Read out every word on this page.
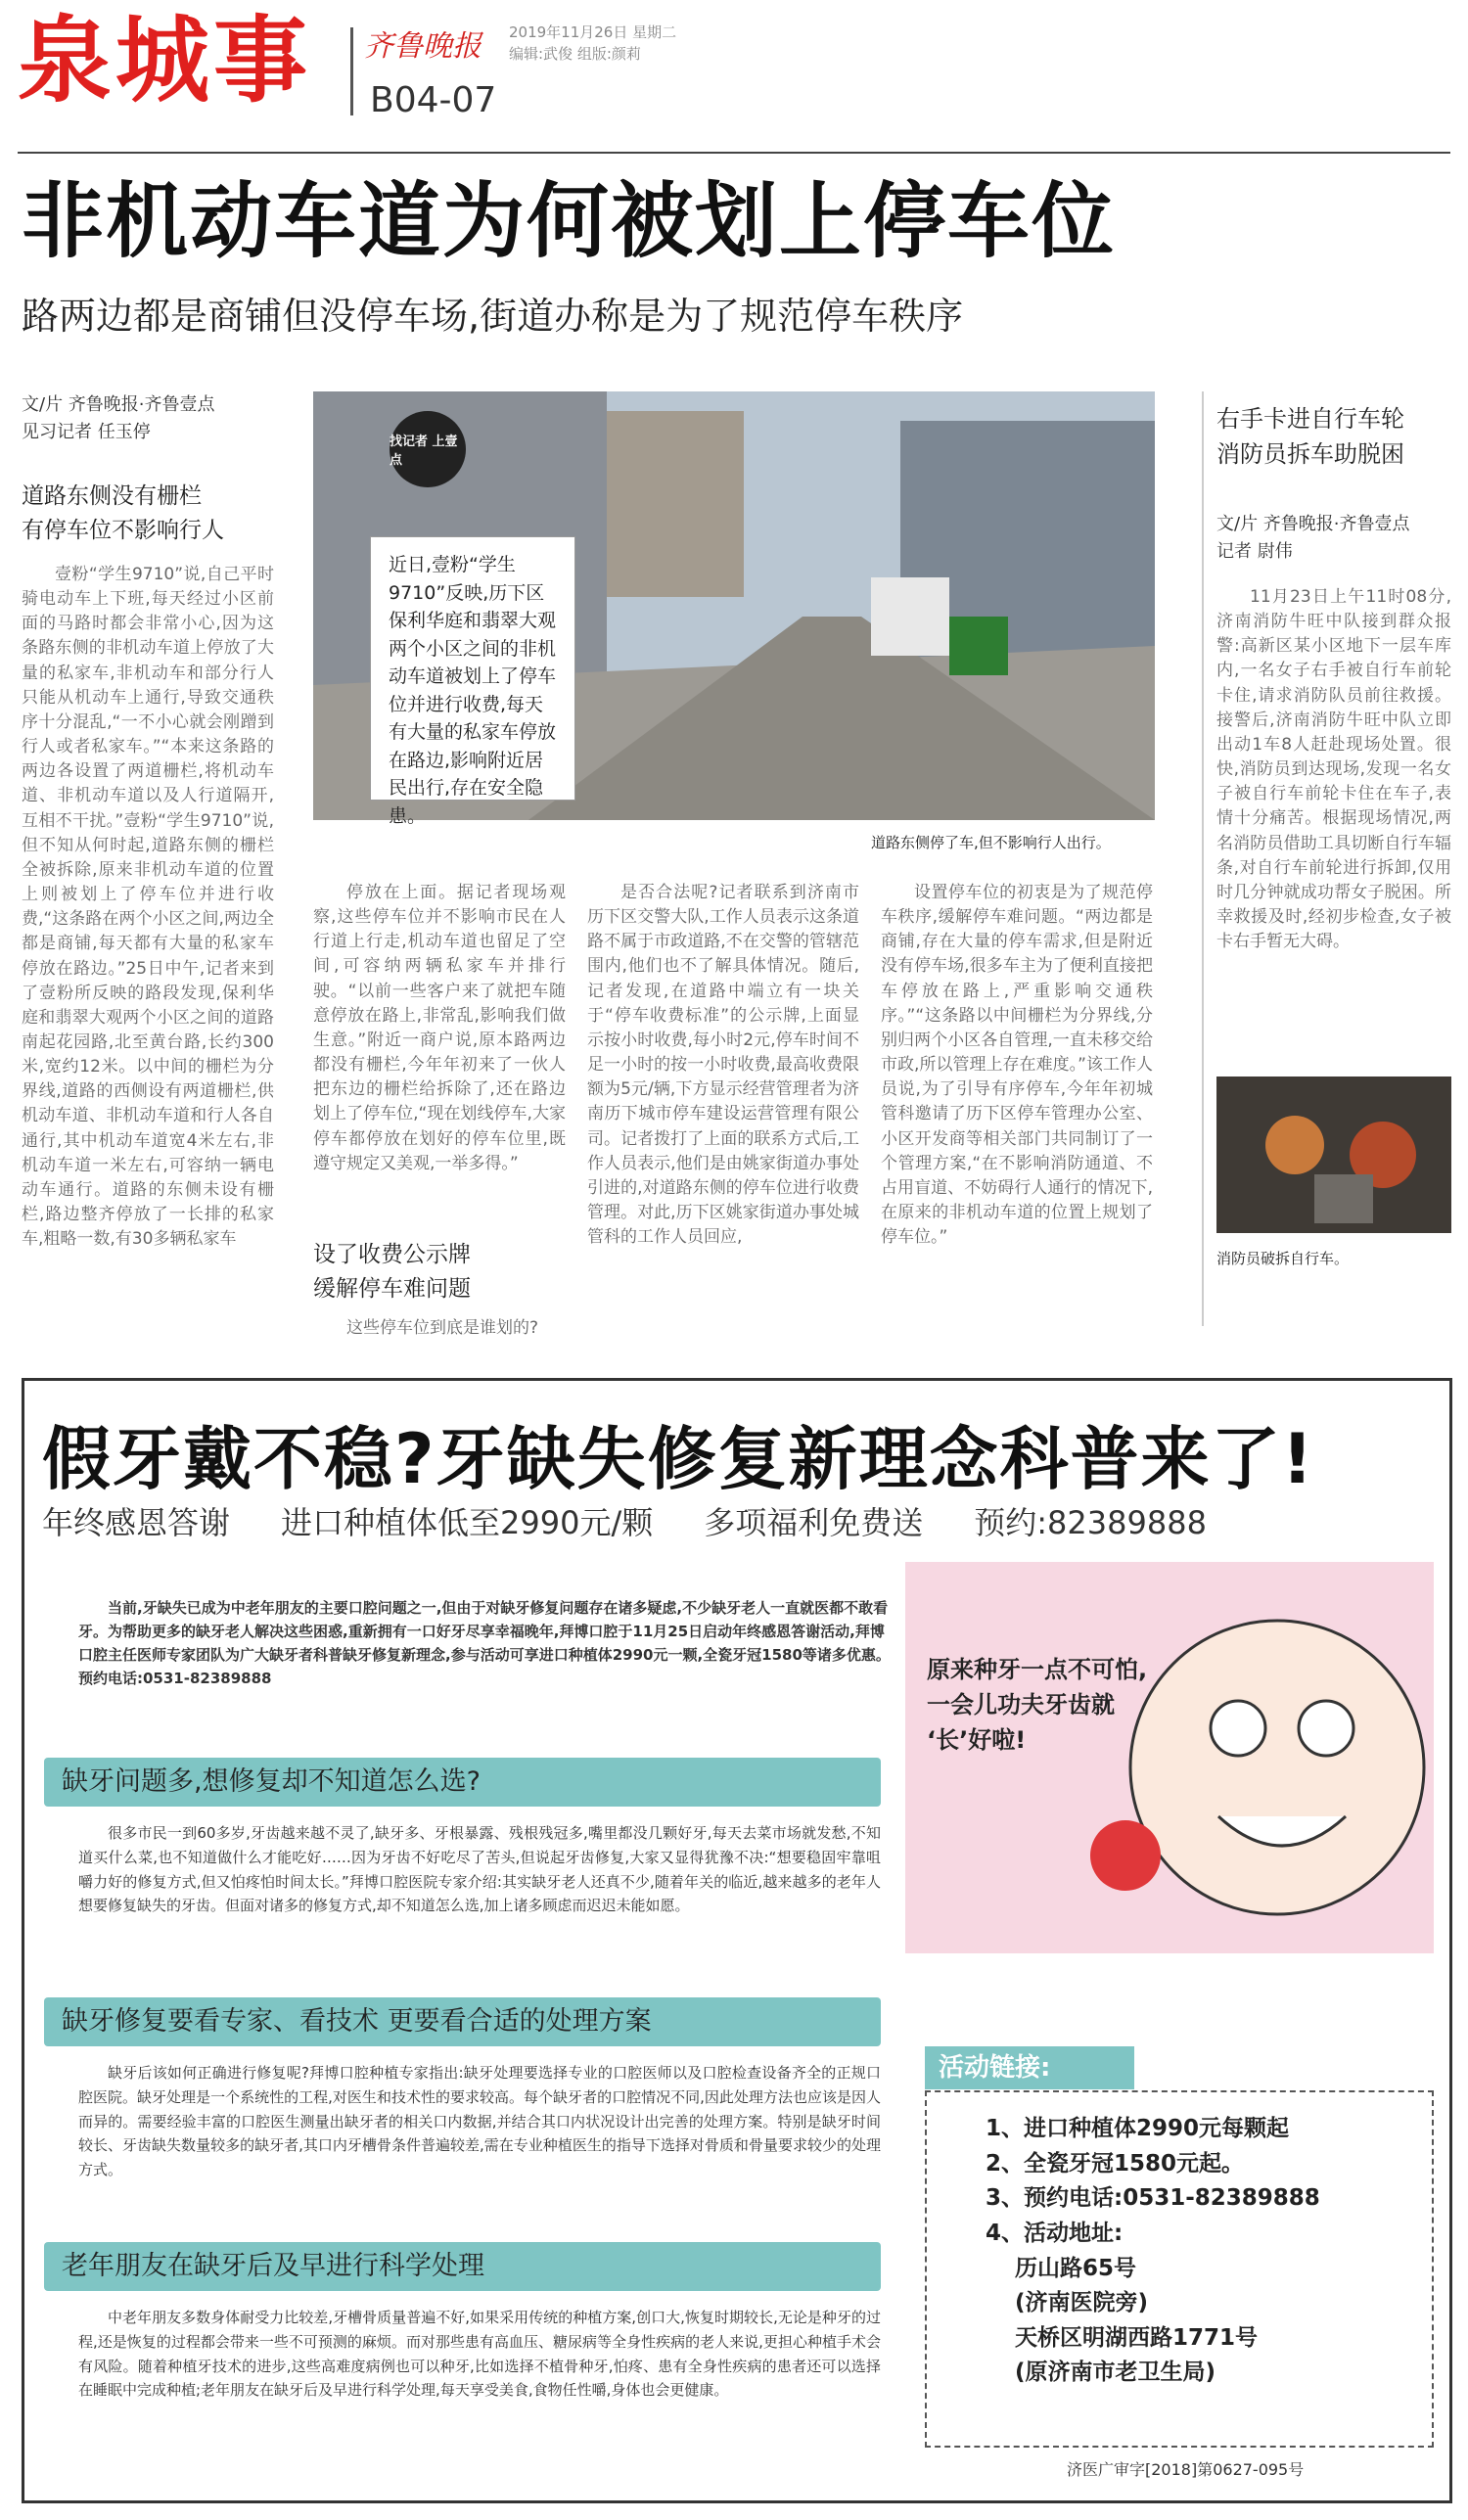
泉城事 齐鲁晚报 2019年11月26日 星期二
编辑:武俊 组版:颜莉
B04-07
非机动车道为何被划上停车位
路两边都是商铺但没停车场,街道办称是为了规范停车秩序
文/片 齐鲁晚报·齐鲁壹点
见习记者 任玉停
道路东侧没有栅栏
有停车位不影响行人
壹粉“学生9710”说,自己平时骑电动车上下班,每天经过小区前面的马路时都会非常小心,因为这条路东侧的非机动车道上停放了大量的私家车,非机动车和部分行人只能从机动车上通行,导致交通秩序十分混乱,“一不小心就会刚蹭到行人或者私家车。”“本来这条路的两边各设置了两道栅栏,将机动车道、非机动车道以及人行道隔开,互相不干扰。”壹粉“学生9710”说,但不知从何时起,道路东侧的栅栏全被拆除,原来非机动车道的位置上则被划上了停车位并进行收费,“这条路在两个小区之间,两边全都是商铺,每天都有大量的私家车停放在路边。”25日中午,记者来到了壹粉所反映的路段发现,保利华庭和翡翠大观两个小区之间的道路南起花园路,北至黄台路,长约300米,宽约12米。以中间的栅栏为分界线,道路的西侧设有两道栅栏,供机动车道、非机动车道和行人各自通行,其中机动车道宽4米左右,非机动车道一米左右,可容纳一辆电动车通行。道路的东侧未设有栅栏,路边整齐停放了一长排的私家车,粗略一数,有30多辆私家车
近日,壹粉“学生9710”反映,历下区保利华庭和翡翠大观两个小区之间的非机动车道被划上了停车位并进行收费,每天有大量的私家车停放在路边,影响附近居民出行,存在安全隐患。
找记者 上壹点
道路东侧停了车,但不影响行人出行。
停放在上面。据记者现场观察,这些停车位并不影响市民在人行道上行走,机动车道也留足了空间,可容纳两辆私家车并排行驶。“以前一些客户来了就把车随意停放在路上,非常乱,影响我们做生意。”附近一商户说,原本路两边都没有栅栏,今年年初来了一伙人把东边的栅栏给拆除了,还在路边划上了停车位,“现在划线停车,大家停车都停放在划好的停车位里,既遵守规定又美观,一举多得。”
设了收费公示牌
缓解停车难问题
这些停车位到底是谁划的?
是否合法呢?记者联系到济南市历下区交警大队,工作人员表示这条道路不属于市政道路,不在交警的管辖范围内,他们也不了解具体情况。随后,记者发现,在道路中端立有一块关于“停车收费标准”的公示牌,上面显示按小时收费,每小时2元,停车时间不足一小时的按一小时收费,最高收费限额为5元/辆,下方显示经营管理者为济南历下城市停车建设运营管理有限公司。记者拨打了上面的联系方式后,工作人员表示,他们是由姚家街道办事处引进的,对道路东侧的停车位进行收费管理。对此,历下区姚家街道办事处城管科的工作人员回应,
设置停车位的初衷是为了规范停车秩序,缓解停车难问题。“两边都是商铺,存在大量的停车需求,但是附近没有停车场,很多车主为了便利直接把车停放在路上,严重影响交通秩序。”“这条路以中间栅栏为分界线,分别归两个小区各自管理,一直未移交给市政,所以管理上存在难度。”该工作人员说,为了引导有序停车,今年年初城管科邀请了历下区停车管理办公室、小区开发商等相关部门共同制订了一个管理方案,“在不影响消防通道、不占用盲道、不妨碍行人通行的情况下,在原来的非机动车道的位置上规划了停车位。”
右手卡进自行车轮
消防员拆车助脱困
文/片 齐鲁晚报·齐鲁壹点
记者 尉伟
11月23日上午11时08分,济南消防牛旺中队接到群众报警:高新区某小区地下一层车库内,一名女子右手被自行车前轮卡住,请求消防队员前往救援。接警后,济南消防牛旺中队立即出动1车8人赶赴现场处置。很快,消防员到达现场,发现一名女子被自行车前轮卡住在车子,表情十分痛苦。根据现场情况,两名消防员借助工具切断自行车辐条,对自行车前轮进行拆卸,仅用时几分钟就成功帮女子脱困。所幸救援及时,经初步检查,女子被卡右手暂无大碍。
消防员破拆自行车。
假牙戴不稳?牙缺失修复新理念科普来了!
年终感恩答谢 进口种植体低至2990元/颗 多项福利免费送 预约:82389888
当前,牙缺失已成为中老年朋友的主要口腔问题之一,但由于对缺牙修复问题存在诸多疑虑,不少缺牙老人一直就医都不敢看牙。为帮助更多的缺牙老人解决这些困惑,重新拥有一口好牙尽享幸福晚年,拜博口腔于11月25日启动年终感恩答谢活动,拜博口腔主任医师专家团队为广大缺牙者科普缺牙修复新理念,参与活动可享进口种植体2990元一颗,全瓷牙冠1580等诸多优惠。预约电话:0531-82389888
缺牙问题多,想修复却不知道怎么选?
很多市民一到60多岁,牙齿越来越不灵了,缺牙多、牙根暴露、残根残冠多,嘴里都没几颗好牙,每天去菜市场就发愁,不知道买什么菜,也不知道做什么才能吃好……因为牙齿不好吃尽了苦头,但说起牙齿修复,大家又显得犹豫不决:“想要稳固牢靠咀嚼力好的修复方式,但又怕疼怕时间太长。”拜博口腔医院专家介绍:其实缺牙老人还真不少,随着年关的临近,越来越多的老年人想要修复缺失的牙齿。但面对诸多的修复方式,却不知道怎么选,加上诸多顾虑而迟迟未能如愿。
缺牙修复要看专家、看技术 更要看合适的处理方案
缺牙后该如何正确进行修复呢?拜博口腔种植专家指出:缺牙处理要选择专业的口腔医师以及口腔检查设备齐全的正规口腔医院。缺牙处理是一个系统性的工程,对医生和技术性的要求较高。每个缺牙者的口腔情况不同,因此处理方法也应该是因人而异的。需要经验丰富的口腔医生测量出缺牙者的相关口内数据,并结合其口内状况设计出完善的处理方案。特别是缺牙时间较长、牙齿缺失数量较多的缺牙者,其口内牙槽骨条件普遍较差,需在专业种植医生的指导下选择对骨质和骨量要求较少的处理方式。
老年朋友在缺牙后及早进行科学处理
中老年朋友多数身体耐受力比较差,牙槽骨质量普遍不好,如果采用传统的种植方案,创口大,恢复时期较长,无论是种牙的过程,还是恢复的过程都会带来一些不可预测的麻烦。而对那些患有高血压、糖尿病等全身性疾病的老人来说,更担心种植手术会有风险。随着种植牙技术的进步,这些高难度病例也可以种牙,比如选择不植骨种牙,怕疼、患有全身性疾病的患者还可以选择在睡眠中完成种植;老年朋友在缺牙后及早进行科学处理,每天享受美食,食物任性嚼,身体也会更健康。
原来种牙一点不可怕,
一会儿功夫牙齿就
‘长’好啦!
活动链接:
1、进口种植体2990元每颗起
2、全瓷牙冠1580元起。
3、预约电话:0531-82389888
4、活动地址:
历山路65号
(济南医院旁)
天桥区明湖西路1771号
(原济南市老卫生局)
济医广审字[2018]第0627-095号
